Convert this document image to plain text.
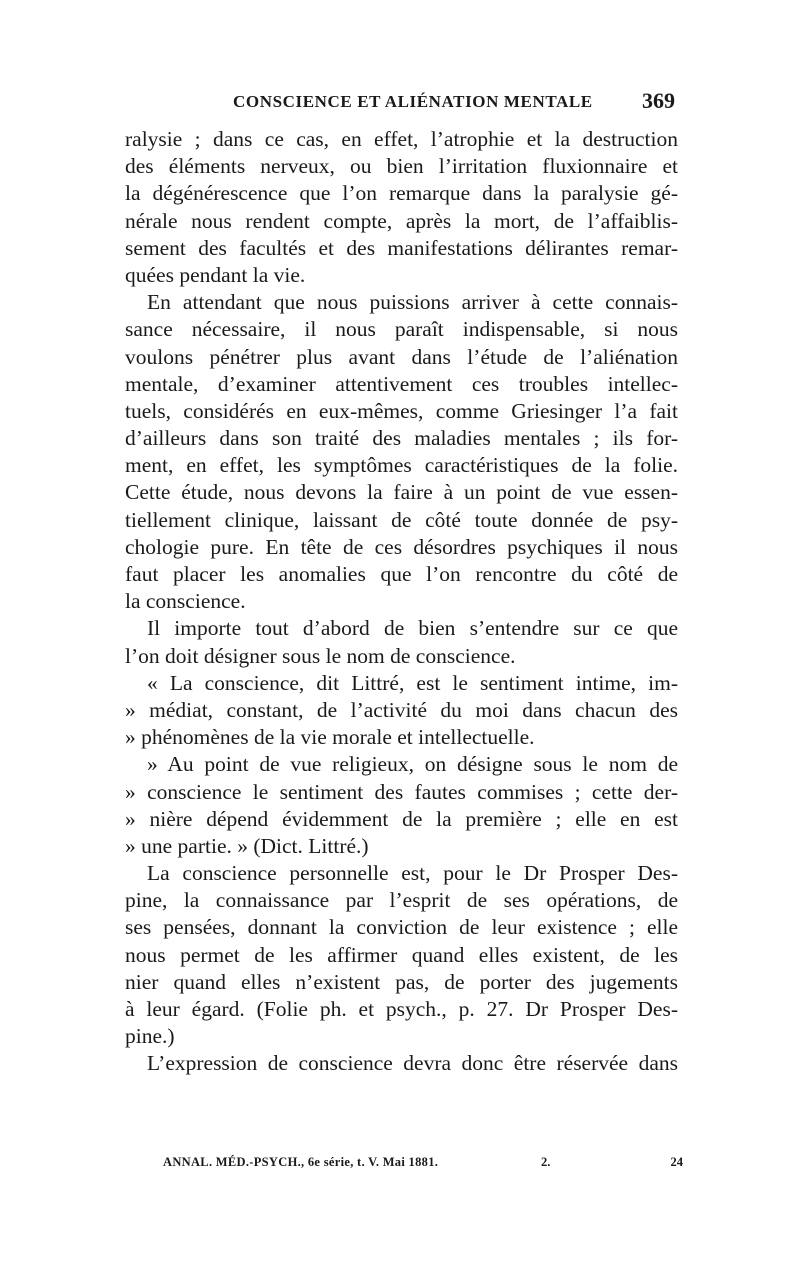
CONSCIENCE ET ALIÉNATION MENTALE 369
ralysie ; dans ce cas, en effet, l’atrophie et la destruction
des éléments nerveux, ou bien l’irritation fluxionnaire et
la dégénérescence que l’on remarque dans la paralysie gé-
nérale nous rendent compte, après la mort, de l’affaiblis-
sement des facultés et des manifestations délirantes remar-
quées pendant la vie.
En attendant que nous puissions arriver à cette connais-
sance nécessaire, il nous paraît indispensable, si nous
voulons pénétrer plus avant dans l’étude de l’aliénation
mentale, d’examiner attentivement ces troubles intellec-
tuels, considérés en eux-mêmes, comme Griesinger l’a fait
d’ailleurs dans son traité des maladies mentales ; ils for-
ment, en effet, les symptômes caractéristiques de la folie.
Cette étude, nous devons la faire à un point de vue essen-
tiellement clinique, laissant de côté toute donnée de psy-
chologie pure. En tête de ces désordres psychiques il nous
faut placer les anomalies que l’on rencontre du côté de
la conscience.
Il importe tout d’abord de bien s’entendre sur ce que
l’on doit désigner sous le nom de conscience.
« La conscience, dit Littré, est le sentiment intime, im-
» médiat, constant, de l’activité du moi dans chacun des
» phénomènes de la vie morale et intellectuelle.
» Au point de vue religieux, on désigne sous le nom de
» conscience le sentiment des fautes commises ; cette der-
» nière dépend évidemment de la première ; elle en est
» une partie. » (Dict. Littré.)
La conscience personnelle est, pour le Dr Prosper Des-
pine, la connaissance par l’esprit de ses opérations, de
ses pensées, donnant la conviction de leur existence ; elle
nous permet de les affirmer quand elles existent, de les
nier quand elles n’existent pas, de porter des jugements
à leur égard. (Folie ph. et psych., p. 27. Dr Prosper Des-
pine.)
L’expression de conscience devra donc être réservée dans
ANNAL. MÉD.-PSYCH., 6e série, t. V. Mai 1881.	2.	24
